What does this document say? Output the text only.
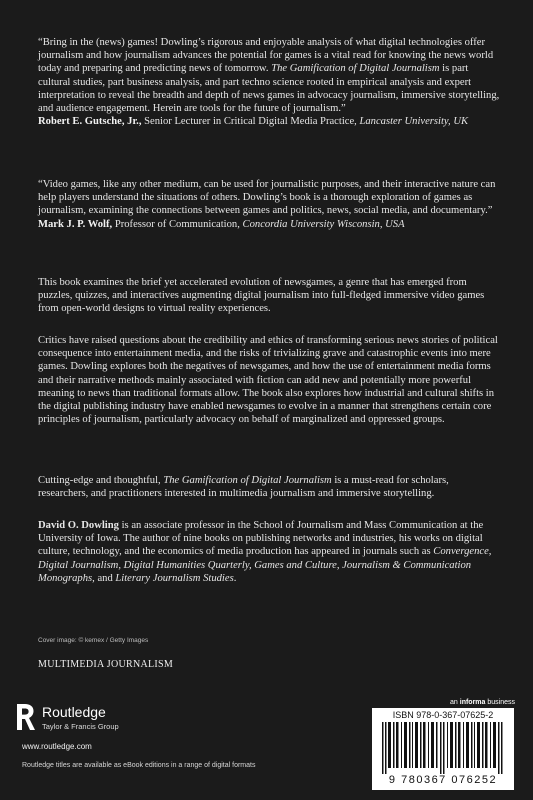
“Bring in the (news) games! Dowling’s rigorous and enjoyable analysis of what digital technologies offer journalism and how journalism advances the potential for games is a vital read for knowing the news world today and preparing and predicting news of tomorrow. The Gamification of Digital Journalism is part cultural studies, part business analysis, and part techno science rooted in empirical analysis and expert interpretation to reveal the breadth and depth of news games in advocacy journalism, immersive storytelling, and audience engagement. Herein are tools for the future of journalism.”

Robert E. Gutsche, Jr., Senior Lecturer in Critical Digital Media Practice, Lancaster University, UK

“Video games, like any other medium, can be used for journalistic purposes, and their interactive nature can help players understand the situations of others. Dowling’s book is a thorough exploration of games as journalism, examining the connections between games and politics, news, social media, and documentary.”

Mark J. P. Wolf, Professor of Communication, Concordia University Wisconsin, USA

This book examines the brief yet accelerated evolution of newsgames, a genre that has emerged from puzzles, quizzes, and interactives augmenting digital journalism into full-fledged immersive video games from open-world designs to virtual reality experiences.

Critics have raised questions about the credibility and ethics of transforming serious news stories of political consequence into entertainment media, and the risks of trivializing grave and catastrophic events into mere games. Dowling explores both the negatives of newsgames, and how the use of entertainment media forms and their narrative methods mainly associated with fiction can add new and potentially more powerful meaning to news than traditional formats allow. The book also explores how industrial and cultural shifts in the digital publishing industry have enabled newsgames to evolve in a manner that strengthens certain core principles of journalism, particularly advocacy on behalf of marginalized and oppressed groups.

Cutting-edge and thoughtful, The Gamification of Digital Journalism is a must-read for scholars, researchers, and practitioners interested in multimedia journalism and immersive storytelling.

David O. Dowling is an associate professor in the School of Journalism and Mass Communication at the University of Iowa. The author of nine books on publishing networks and industries, his works on digital culture, technology, and the economics of media production has appeared in journals such as Convergence, Digital Journalism, Digital Humanities Quarterly, Games and Culture, Journalism & Communication Monographs, and Literary Journalism Studies.

Cover image: © kemex / Getty Images
MULTIMEDIA JOURNALISM
Routledge
Taylor & Francis Group
www.routledge.com
Routledge titles are available as eBook editions in a range of digital formats
an informa business
ISBN 978-0-367-07625-2
9 780367 076252
